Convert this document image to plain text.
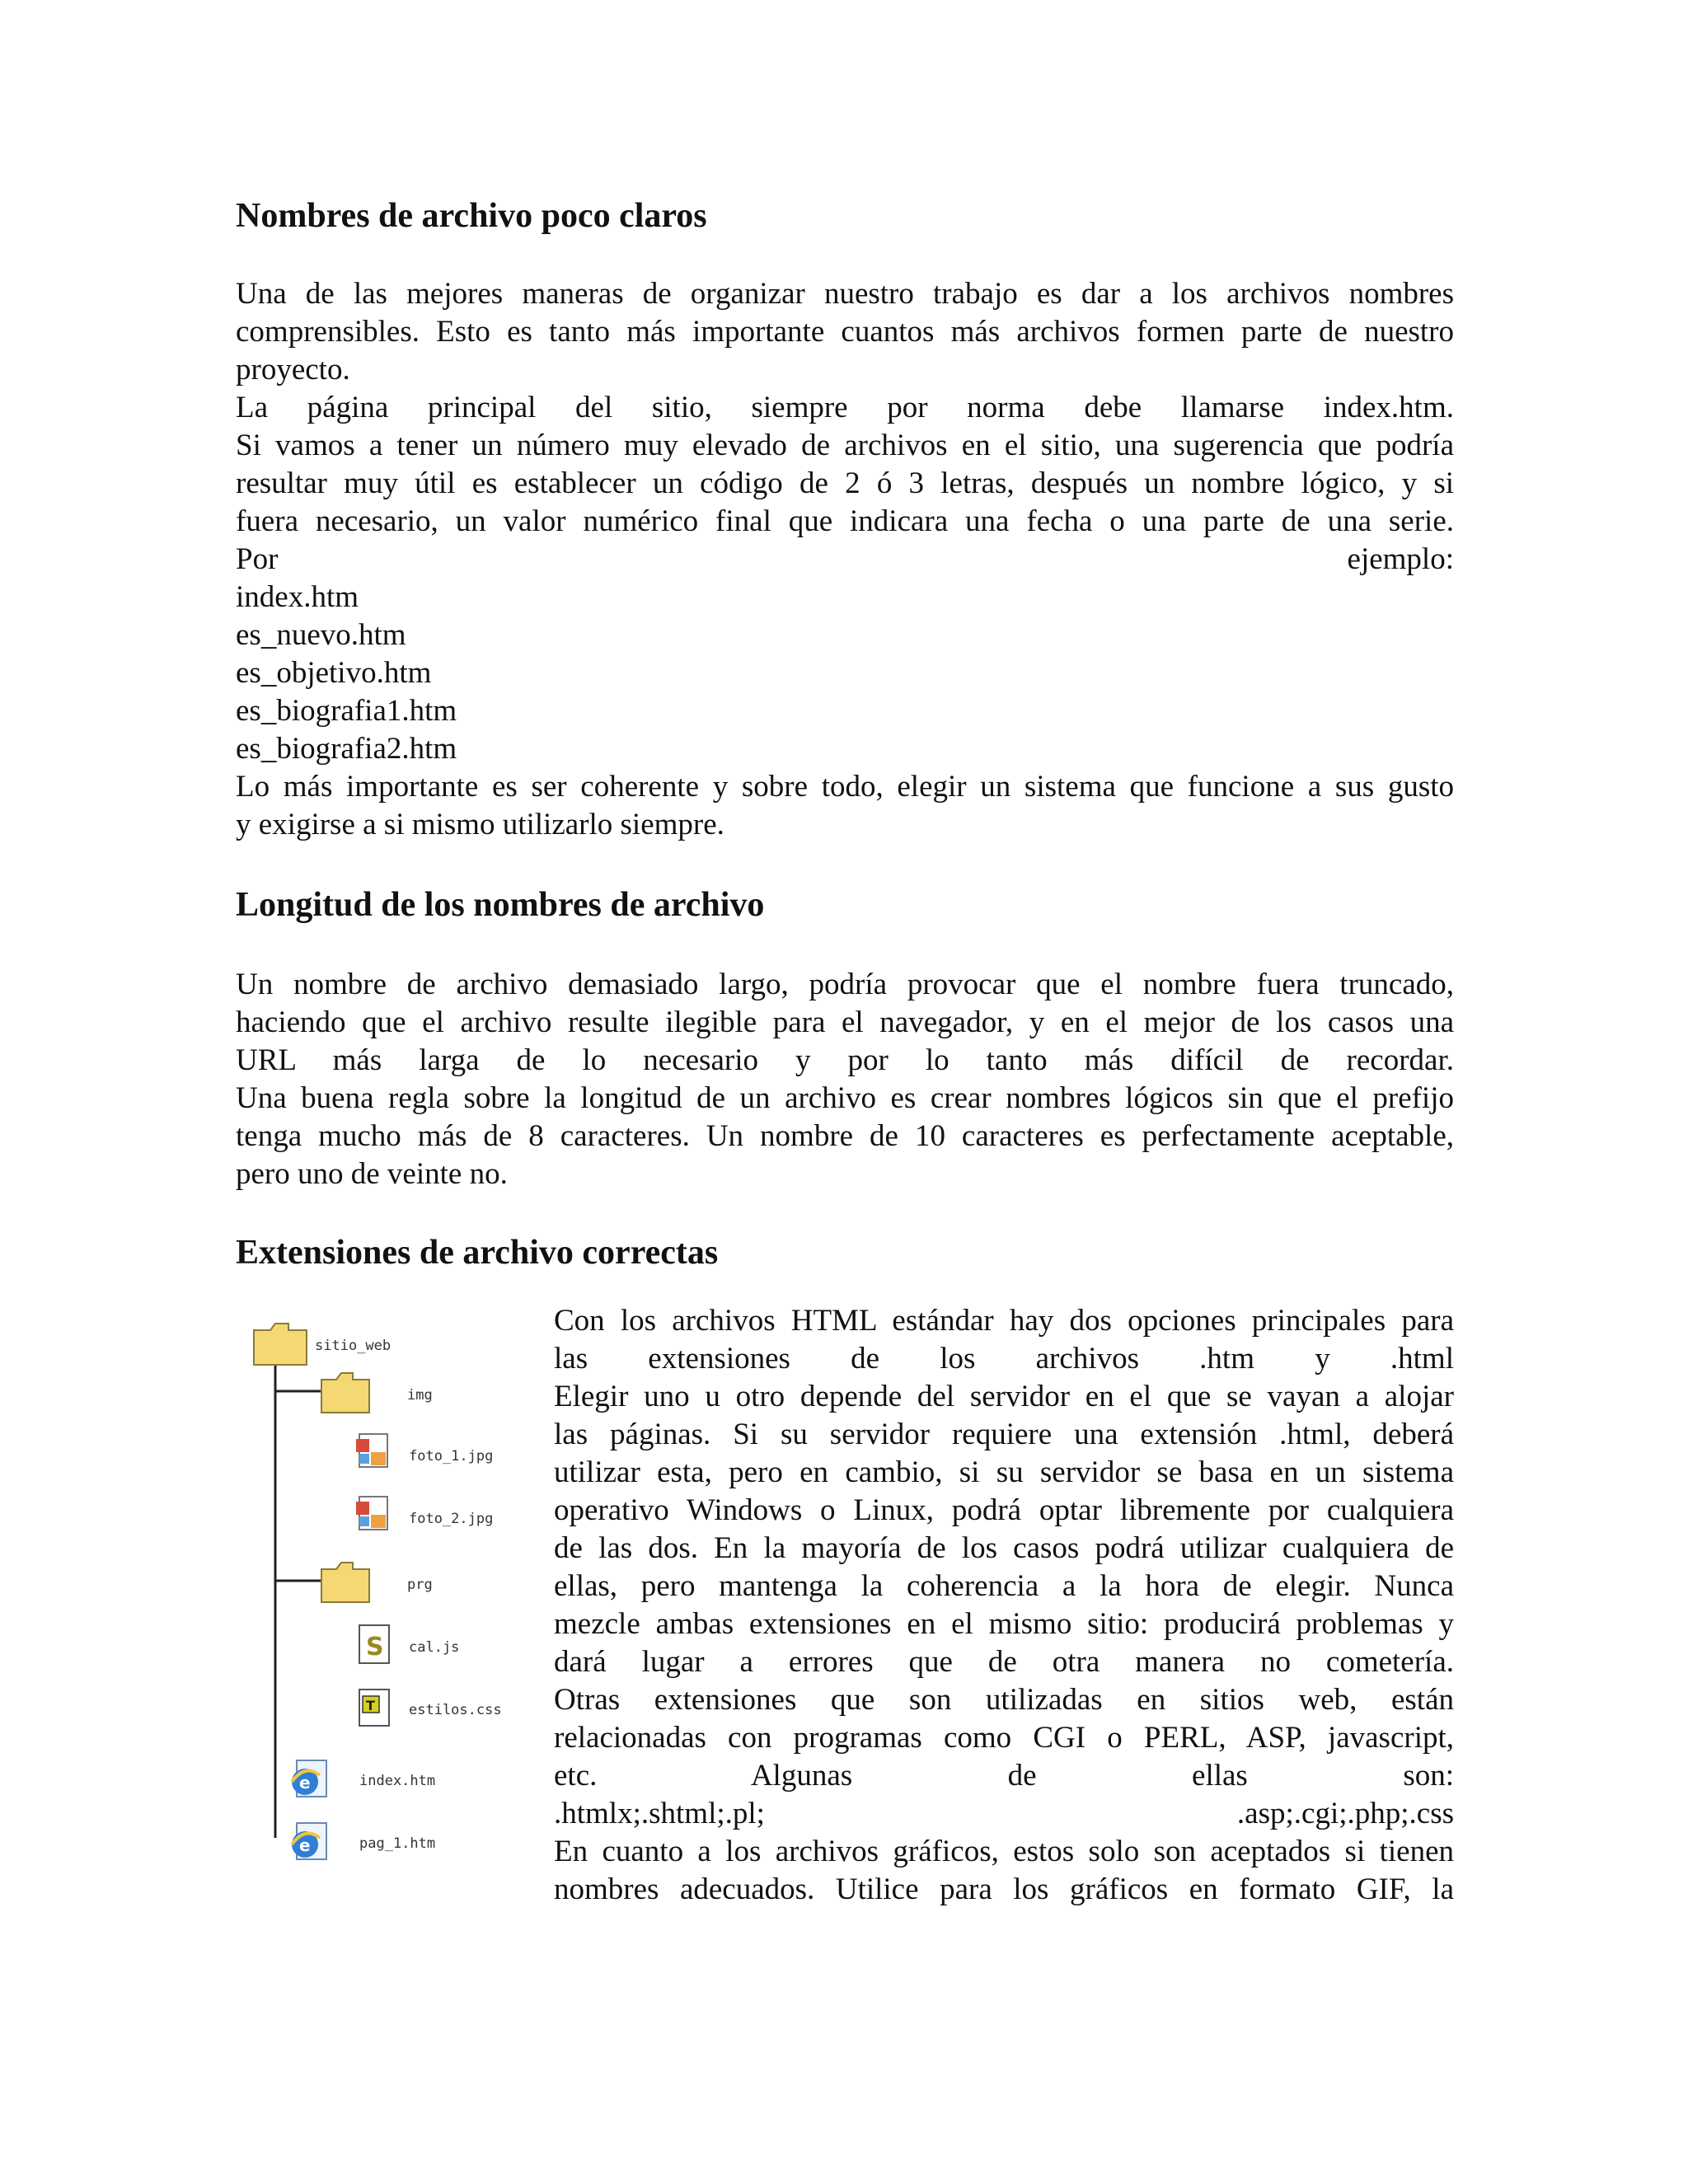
Nombres de archivo poco claros
Una de las mejores maneras de organizar nuestro trabajo es dar a los archivos nombres
comprensibles. Esto es tanto más importante cuantos más archivos formen parte de nuestro
proyecto.
La página principal del sitio, siempre por norma debe llamarse index.htm.
Si vamos a tener un número muy elevado de archivos en el sitio, una sugerencia que podría
resultar muy útil es establecer un código de 2 ó 3 letras, después un nombre lógico, y si
fuera necesario, un valor numérico final que indicara una fecha o una parte de una serie.
Por ejemplo:
index.htm
es_nuevo.htm
es_objetivo.htm
es_biografia1.htm
es_biografia2.htm
Lo más importante es ser coherente y sobre todo, elegir un sistema que funcione a sus gusto
y exigirse a si mismo utilizarlo siempre.
Longitud de los nombres de archivo
Un nombre de archivo demasiado largo, podría provocar que el nombre fuera truncado,
haciendo que el archivo resulte ilegible para el navegador, y en el mejor de los casos una
URL más larga de lo necesario y por lo tanto más difícil de recordar.
Una buena regla sobre la longitud de un archivo es crear nombres lógicos sin que el prefijo
tenga mucho más de 8 caracteres. Un nombre de 10 caracteres es perfectamente aceptable,
pero uno de veinte no.
Extensiones de archivo correctas
sitio_web
img
foto_1.jpg
foto_2.jpg
prg
S cal.js
T estilos.css
e	index.htm
e	pag_1.htm
Con los archivos HTML estándar hay dos opciones principales para
las extensiones de los archivos .htm y .html
Elegir uno u otro depende del servidor en el que se vayan a alojar
las páginas. Si su servidor requiere una extensión .html, deberá
utilizar esta, pero en cambio, si su servidor se basa en un sistema
operativo Windows o Linux, podrá optar libremente por cualquiera
de las dos. En la mayoría de los casos podrá utilizar cualquiera de
ellas, pero mantenga la coherencia a la hora de elegir. Nunca
mezcle ambas extensiones en el mismo sitio: producirá problemas y
dará lugar a errores que de otra manera no cometería.
Otras extensiones que son utilizadas en sitios web, están
relacionadas con programas como CGI o PERL, ASP, javascript,
etc. Algunas de ellas son:
.htmlx;.shtml;.pl; .asp;.cgi;.php;.css
En cuanto a los archivos gráficos, estos solo son aceptados si tienen
nombres adecuados. Utilice para los gráficos en formato GIF, la
